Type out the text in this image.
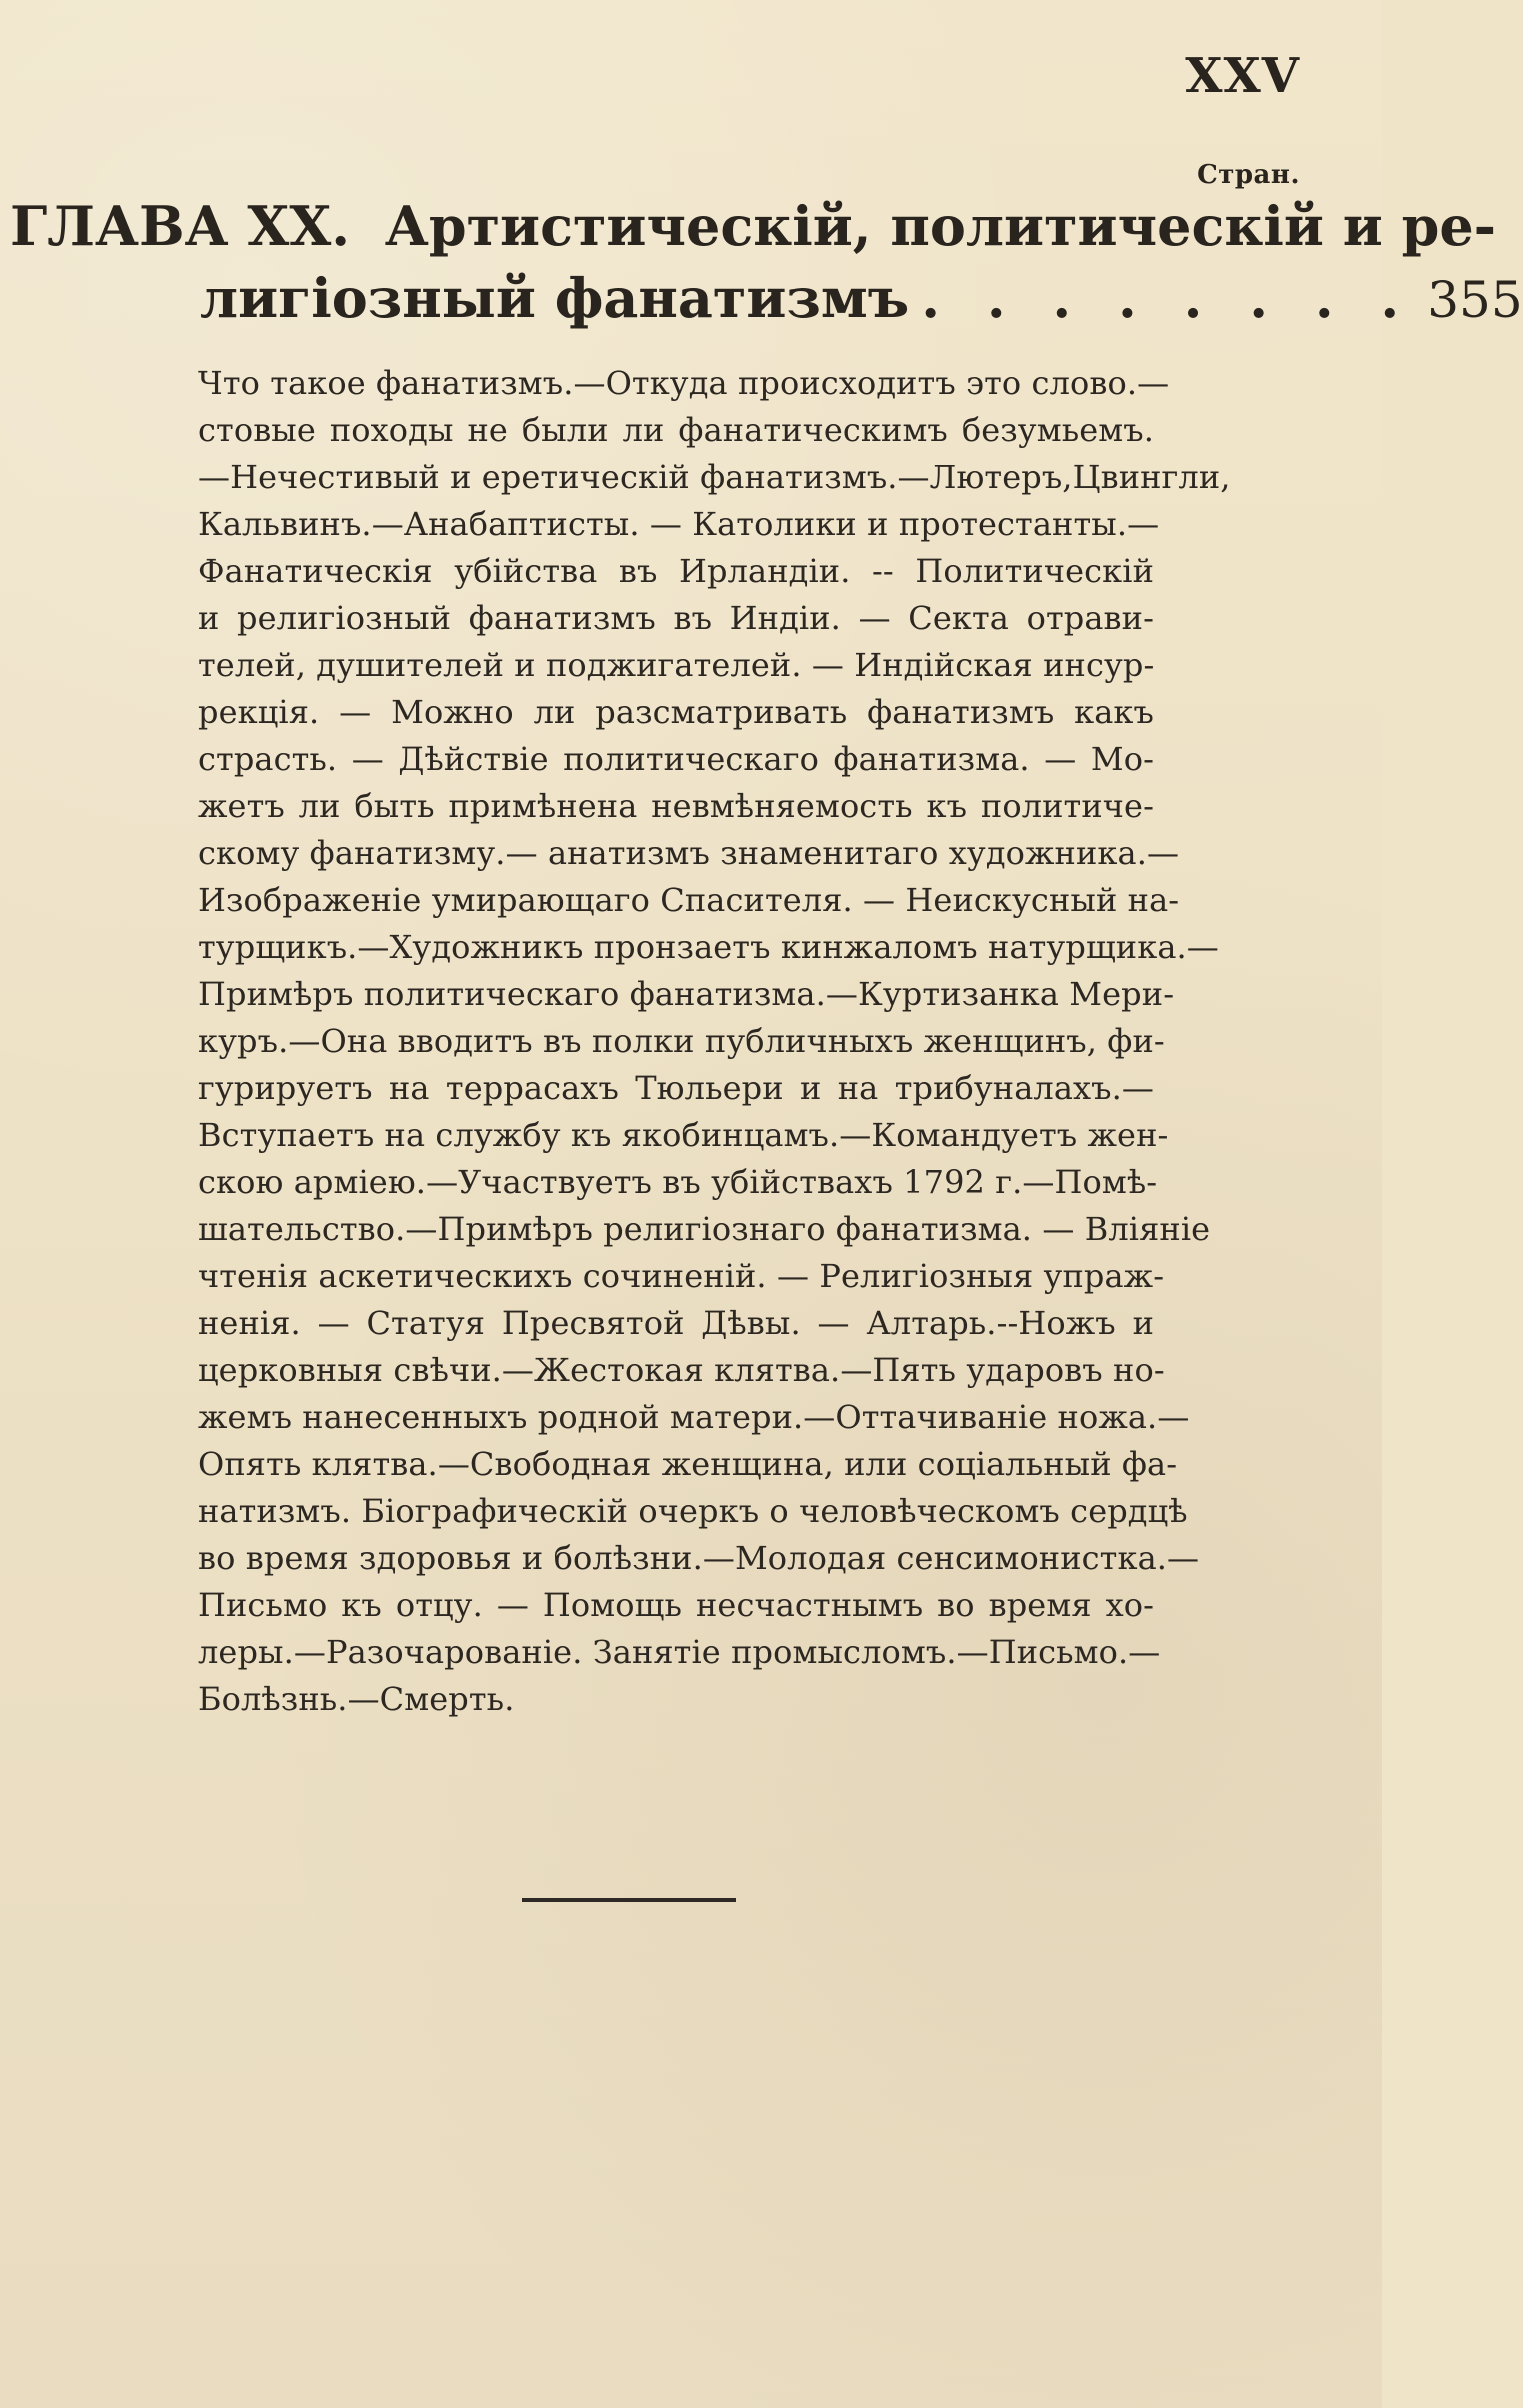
XXV
Стран.
ГЛАВА XX. Артистическій, политическій и ре-
лигіозный фанатизмъ . . . . . . . . 355
Что такое фанатизмъ.—Откуда происходитъ это слово.—
стовые походы не были ли фанатическимъ безумьемъ.
—Нечестивый и еретическій фанатизмъ.—Лютеръ,Цвингли,
Кальвинъ.—Анабаптисты. — Католики и протестанты.—
Фанатическія убійства въ Ирландіи. -- Политическій
и религіозный фанатизмъ въ Индіи. — Секта отрави-
телей, душителей и поджигателей. — Индійская инсур-
рекція. — Можно ли разсматривать фанатизмъ какъ
страсть. — Дѣйствіе политическаго фанатизма. — Мо-
жетъ ли быть примѣнена невмѣняемость къ политиче-
скому фанатизму.— анатизмъ знаменитаго художника.—
Изображеніе умирающаго Спасителя. — Неискусный на-
турщикъ.—Художникъ пронзаетъ кинжаломъ натурщика.—
Примѣръ политическаго фанатизма.—Куртизанка Мери-
куръ.—Она вводитъ въ полки публичныхъ женщинъ, фи-
гурируетъ на террасахъ Тюльери и на трибуналахъ.—
Вступаетъ на службу къ якобинцамъ.—Командуетъ жен-
скою арміею.—Участвуетъ въ убійствахъ 1792 г.—Помѣ-
шательство.—Примѣръ религіознаго фанатизма. — Вліяніе
чтенія аскетическихъ сочиненій. — Религіозныя упраж-
ненія. — Статуя Пресвятой Дѣвы. — Алтарь.--Ножъ и
церковныя свѣчи.—Жестокая клятва.—Пять ударовъ но-
жемъ нанесенныхъ родной матери.—Оттачиваніе ножа.—
Опять клятва.—Свободная женщина, или соціальный фа-
натизмъ. Біографическій очеркъ о человѣческомъ сердцѣ
во время здоровья и болѣзни.—Молодая сенсимонистка.—
Письмо къ отцу. — Помощь несчастнымъ во время хо-
леры.—Разочарованіе. Занятіе промысломъ.—Письмо.—
Болѣзнь.—Смерть.
